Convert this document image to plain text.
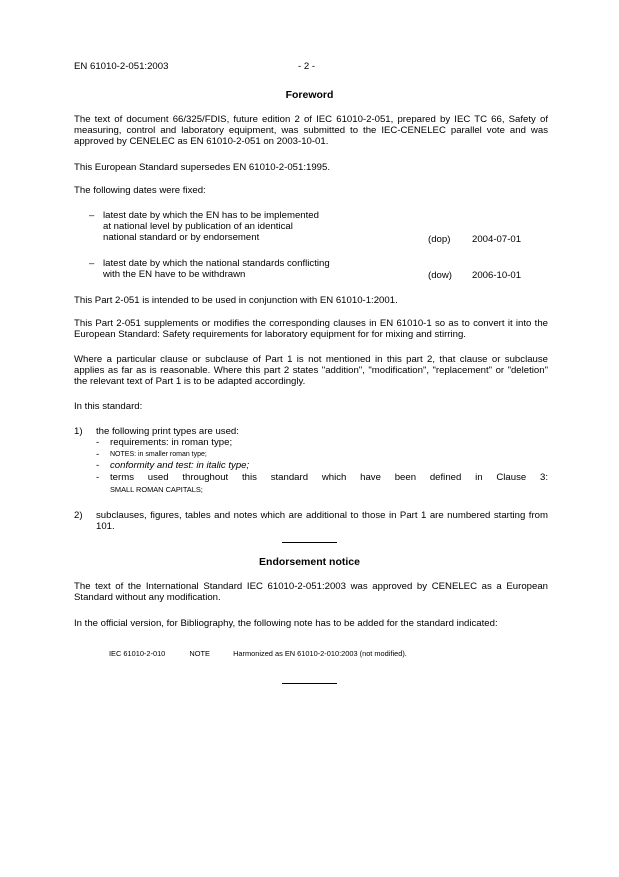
EN 61010-2-051:2003	- 2 -
Foreword
The text of document 66/325/FDIS, future edition 2 of IEC 61010-2-051, prepared by IEC TC 66, Safety of measuring, control and laboratory equipment, was submitted to the IEC-CENELEC parallel vote and was approved by CENELEC as EN 61010-2-051 on 2003-10-01.
This European Standard supersedes EN 61010-2-051:1995.
The following dates were fixed:
– latest date by which the EN has to be implemented
at national level by publication of an identical
national standard or by endorsement	(dop) 2004-07-01
– latest date by which the national standards conflicting
with the EN have to be withdrawn	(dow) 2006-10-01
This Part 2-051 is intended to be used in conjunction with EN 61010-1:2001.
This Part 2-051 supplements or modifies the corresponding clauses in EN 61010-1 so as to convert it into the European Standard: Safety requirements for laboratory equipment for for mixing and stirring.
Where a particular clause or subclause of Part 1 is not mentioned in this part 2, that clause or subclause applies as far as is reasonable. Where this part 2 states "addition", "modification", "replacement" or "deletion" the relevant text of Part 1 is to be adapted accordingly.
In this standard:
1) the following print types are used:
- requirements: in roman type;
- NOTES: in smaller roman type;
- conformity and test: in italic type;
- terms used throughout this standard which have been defined in Clause 3:
SMALL ROMAN CAPITALS;
2) subclauses, figures, tables and notes which are additional to those in Part 1 are numbered starting from 101.
Endorsement notice
The text of the International Standard IEC 61010-2-051:2003 was approved by CENELEC as a European Standard without any modification.
In the official version, for Bibliography, the following note has to be added for the standard indicated:
IEC 61010-2-010	NOTE	Harmonized as EN 61010-2-010:2003 (not modified).
